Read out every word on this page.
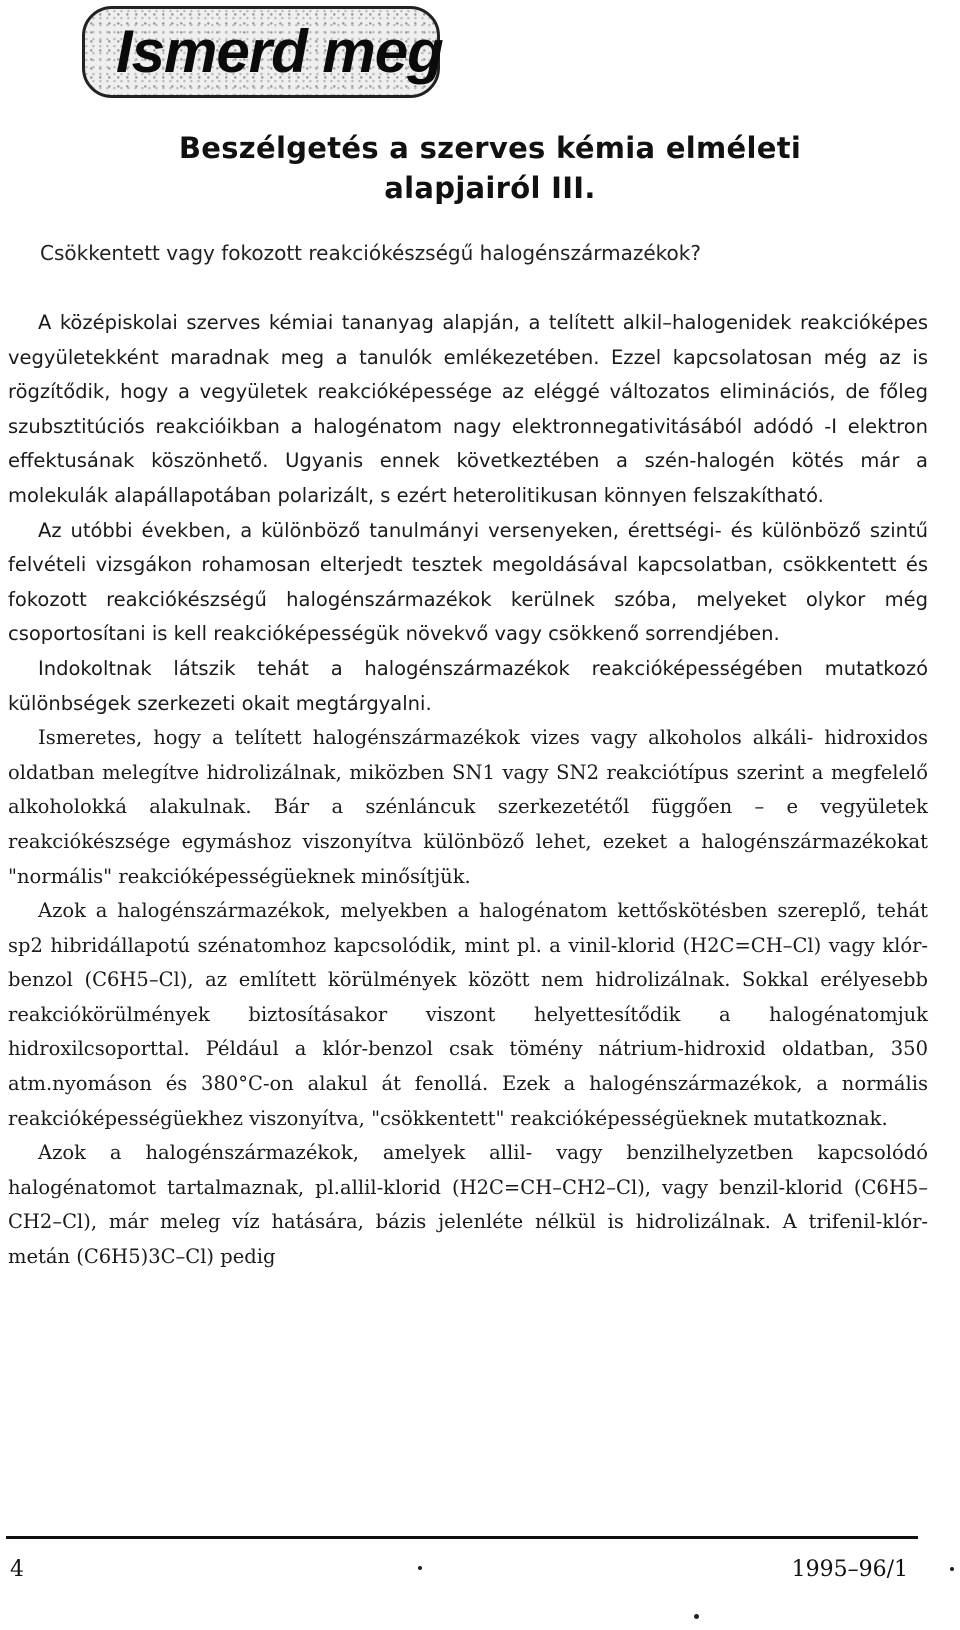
Ismerd meg
Beszélgetés a szerves kémia elméleti alapjairól III.
Csökkentett vagy fokozott reakciókészségű halogénszármazékok?

A középiskolai szerves kémiai tananyag alapján, a telített alkil–halogenidek reakcióképes vegyületekként maradnak meg a tanulók emlékezetében. Ezzel kapcsolatosan még az is rögzítődik, hogy a vegyületek reakcióképessége az eléggé változatos eliminációs, de főleg szubsztitúciós reakcióikban a halogénatom nagy elektronnegativitásából adódó -I elektron effektusának köszönhető. Ugyanis ennek következtében a szén-halogén kötés már a molekulák alapállapotában polarizált, s ezért heterolitikusan könnyen felszakítható.

Az utóbbi években, a különböző tanulmányi versenyeken, érettségi- és különböző szintű felvételi vizsgákon rohamosan elterjedt tesztek megoldásával kapcsolatban, csökkentett és fokozott reakciókészségű halogénszármazékok kerülnek szóba, melyeket olykor még csoportosítani is kell reakcióképességük növekvő vagy csökkenő sorrendjében.

Indokoltnak látszik tehát a halogénszármazékok reakcióképességében mutatkozó különbségek szerkezeti okait megtárgyalni.

Ismeretes, hogy a telített halogénszármazékok vizes vagy alkoholos alkáli- hidroxidos oldatban melegítve hidrolizálnak, miközben SN1 vagy SN2 reakciótípus szerint a megfelelő alkoholokká alakulnak. Bár a szénláncuk szerkezetétől függően – e vegyületek reakciókészsége egymáshoz viszonyítva különböző lehet, ezeket a halogénszármazékokat "normális" reakcióképességüeknek minősítjük.

Azok a halogénszármazékok, melyekben a halogénatom kettőskötésben szereplő, tehát sp2 hibridállapotú szénatomhoz kapcsolódik, mint pl. a vinil-klorid (H2C=CH–Cl) vagy klór-benzol (C6H5–Cl), az említett körülmények között nem hidrolizálnak. Sokkal erélyesebb reakciókörülmények biztosításakor viszont helyettesítődik a halogénatomjuk hidroxilcsoporttal. Például a klór-benzol csak tömény nátrium-hidroxid oldatban, 350 atm.nyomáson és 380°C-on alakul át fenollá. Ezek a halogénszármazékok, a normális reakcióképességüekhez viszonyítva, "csökkentett" reakcióképességüeknek mutatkoznak.

Azok a halogénszármazékok, amelyek allil- vagy benzilhelyzetben kapcsolódó halogénatomot tartalmaznak, pl.allil-klorid (H2C=CH–CH2–Cl), vagy benzil-klorid (C6H5–CH2–Cl), már meleg víz hatására, bázis jelenléte nélkül is hidrolizálnak. A trifenil-klór-metán (C6H5)3C–Cl) pedig

4	1995–96/1
